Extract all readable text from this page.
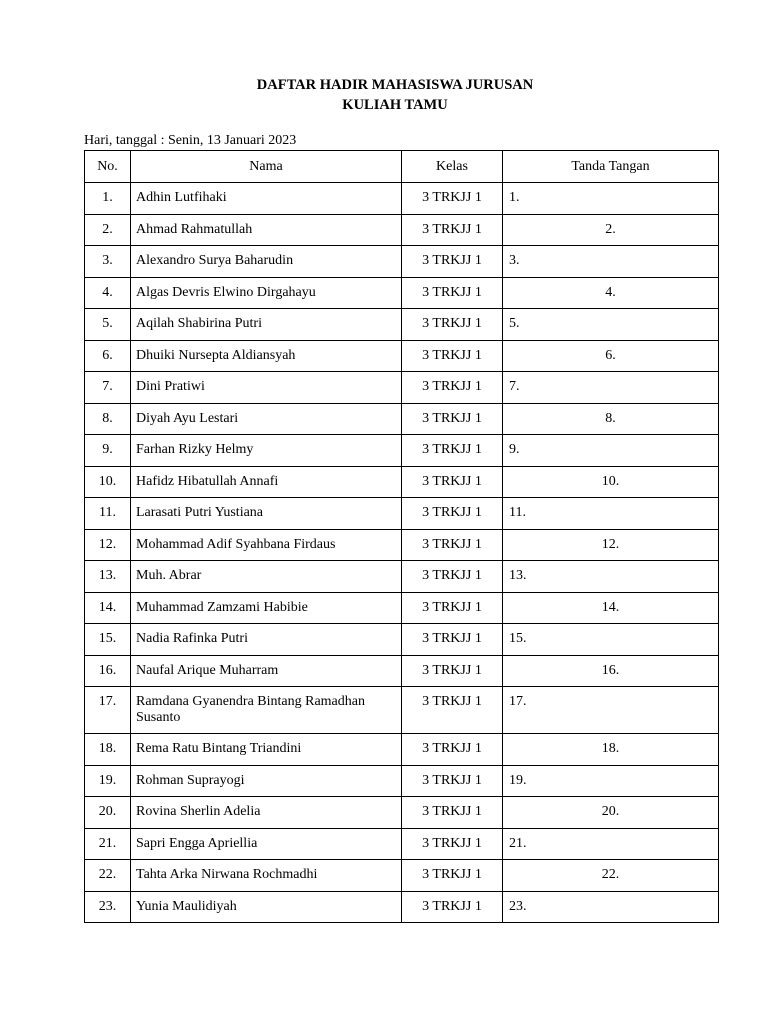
DAFTAR HADIR MAHASISWA JURUSAN
KULIAH TAMU
Hari, tanggal : Senin, 13 Januari 2023
No.	Nama	Kelas	Tanda Tangan
1.	Adhin Lutfihaki	3 TRKJJ 1	1.
2.	Ahmad Rahmatullah	3 TRKJJ 1	2.
3.	Alexandro Surya Baharudin	3 TRKJJ 1	3.
4.	Algas Devris Elwino Dirgahayu	3 TRKJJ 1	4.
5.	Aqilah Shabirina Putri	3 TRKJJ 1	5.
6.	Dhuiki Nursepta Aldiansyah	3 TRKJJ 1	6.
7.	Dini Pratiwi	3 TRKJJ 1	7.
8.	Diyah Ayu Lestari	3 TRKJJ 1	8.
9.	Farhan Rizky Helmy	3 TRKJJ 1	9.
10.	Hafidz Hibatullah Annafi	3 TRKJJ 1	10.
11.	Larasati Putri Yustiana	3 TRKJJ 1	11.
12.	Mohammad Adif Syahbana Firdaus	3 TRKJJ 1	12.
13.	Muh. Abrar	3 TRKJJ 1	13.
14.	Muhammad Zamzami Habibie	3 TRKJJ 1	14.
15.	Nadia Rafinka Putri	3 TRKJJ 1	15.
16.	Naufal Arique Muharram	3 TRKJJ 1	16.
17.	Ramdana Gyanendra Bintang Ramadhan Susanto	3 TRKJJ 1	17.
18.	Rema Ratu Bintang Triandini	3 TRKJJ 1	18.
19.	Rohman Suprayogi	3 TRKJJ 1	19.
20.	Rovina Sherlin Adelia	3 TRKJJ 1	20.
21.	Sapri Engga Apriellia	3 TRKJJ 1	21.
22.	Tahta Arka Nirwana Rochmadhi	3 TRKJJ 1	22.
23.	Yunia Maulidiyah	3 TRKJJ 1	23.
